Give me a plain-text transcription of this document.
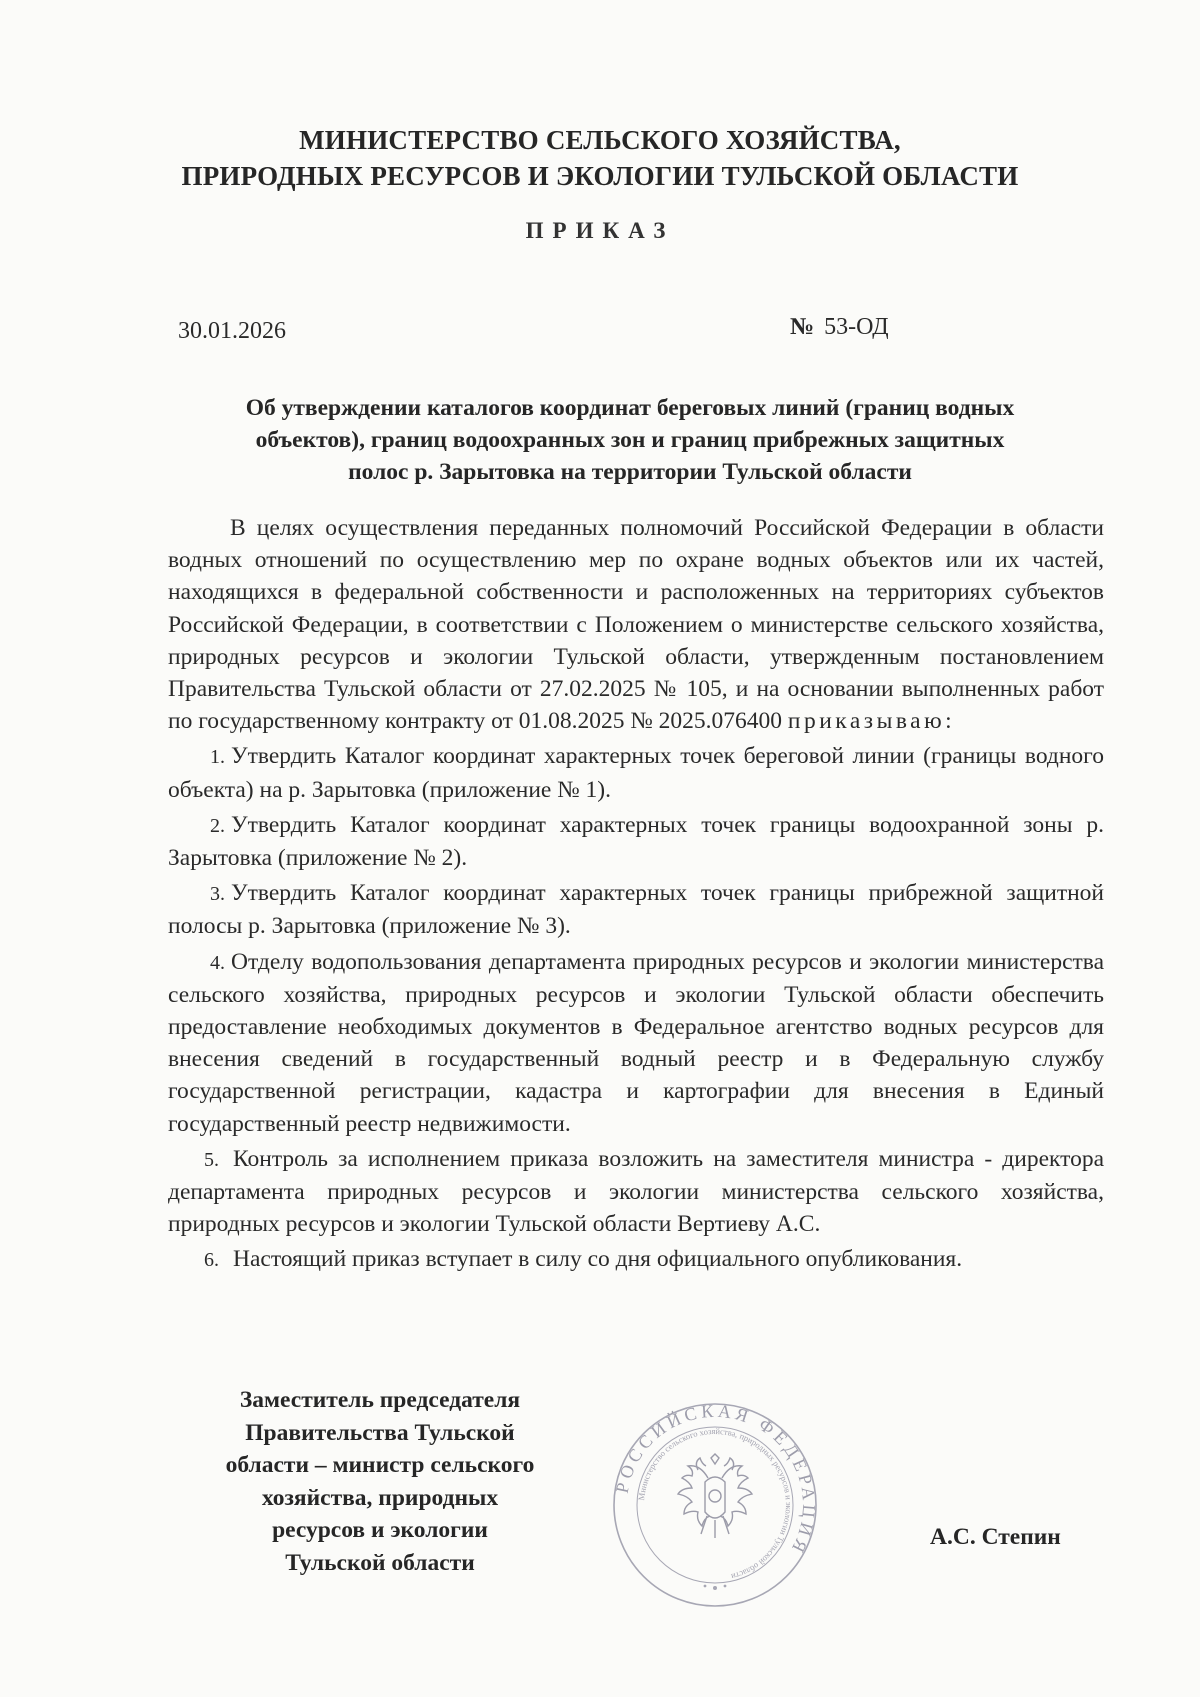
МИНИСТЕРСТВО СЕЛЬСКОГО ХОЗЯЙСТВА,
ПРИРОДНЫХ РЕСУРСОВ И ЭКОЛОГИИ ТУЛЬСКОЙ ОБЛАСТИ
ПРИКАЗ
30.01.2026	№ 53-ОД
Об утверждении каталогов координат береговых линий (границ водных
объектов), границ водоохранных зон и границ прибрежных защитных
полос р. Зарытовка на территории Тульской области

В целях осуществления переданных полномочий Российской Федерации в области водных отношений по осуществлению мер по охране водных объектов или их частей, находящихся в федеральной собственности и расположенных на территориях субъектов Российской Федерации, в соответствии с Положением о министерстве сельского хозяйства, природных ресурсов и экологии Тульской области, утвержденным постановлением Правительства Тульской области от 27.02.2025 № 105, и на основании выполненных работ по государственному контракту от 01.08.2025 № 2025.076400 приказываю:

1. Утвердить Каталог координат характерных точек береговой линии (границы водного объекта) на р. Зарытовка (приложение № 1).

2. Утвердить Каталог координат характерных точек границы водоохранной зоны р. Зарытовка (приложение № 2).

3. Утвердить Каталог координат характерных точек границы прибрежной защитной полосы р. Зарытовка (приложение № 3).

4. Отделу водопользования департамента природных ресурсов и экологии министерства сельского хозяйства, природных ресурсов и экологии Тульской области обеспечить предоставление необходимых документов в Федеральное агентство водных ресурсов для внесения сведений в государственный водный реестр и в Федеральную службу государственной регистрации, кадастра и картографии для внесения в Единый государственный реестр недвижимости.

5. Контроль за исполнением приказа возложить на заместителя министра - директора департамента природных ресурсов и экологии министерства сельского хозяйства, природных ресурсов и экологии Тульской области Вертиеву А.С.

6. Настоящий приказ вступает в силу со дня официального опубликования.

Заместитель председателя
Правительства Тульской
области – министр сельского
хозяйства, природных
ресурсов и экологии
Тульской области
РОССИЙСКАЯ ФЕДЕРАЦИЯ
Министерство сельского хозяйства, природных ресурсов и экологии Тульской области
А.С. Степин
